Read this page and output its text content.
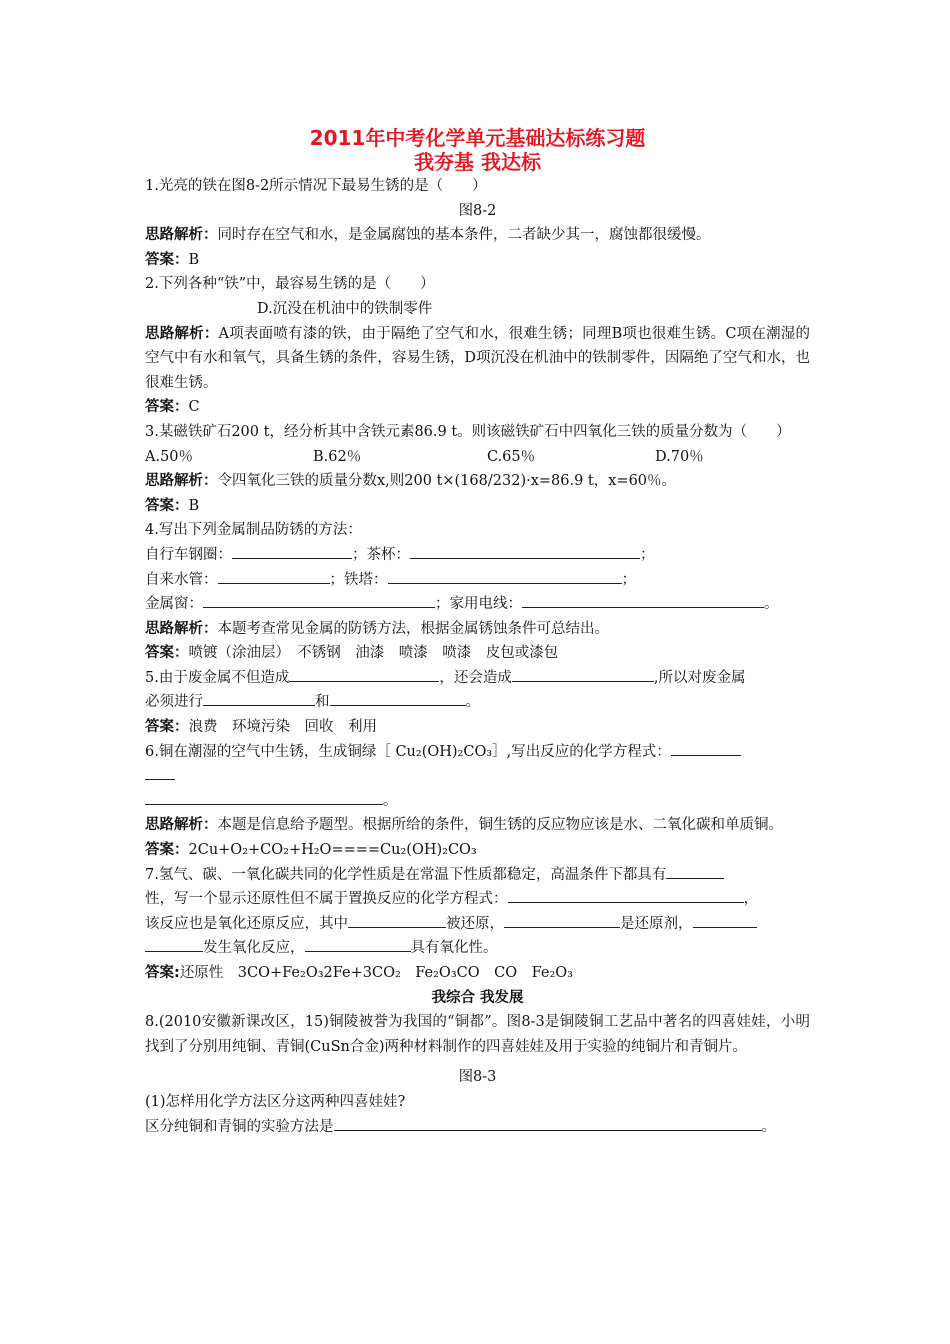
2011年中考化学单元基础达标练习题
我夯基 我达标
1.光亮的铁在图8-2所示情况下最易生锈的是（　　）
图8-2
思路解析：同时存在空气和水，是金属腐蚀的基本条件，二者缺少其一，腐蚀都很缓慢。
答案：B
2.下列各种“铁”中，最容易生锈的是（　　）
D.沉没在机油中的铁制零件
思路解析：A项表面喷有漆的铁，由于隔绝了空气和水，很难生锈；同理B项也很难生锈。C项在潮湿的空气中有水和氧气，具备生锈的条件，容易生锈，D项沉没在机油中的铁制零件，因隔绝了空气和水，也很难生锈。
答案：C
3.某磁铁矿石200 t，经分析其中含铁元素86.9 t。则该磁铁矿石中四氧化三铁的质量分数为（　　）
A.50％	B.62％	C.65％	D.70％
思路解析：令四氧化三铁的质量分数x,则200 t×(168/232)·x=86.9 t，x=60％。
答案：B
4.写出下列金属制品防锈的方法：
自行车钢圈：	；茶杯：	；
自来水管：	；铁塔：	；
金属窗：	；家用电线：	。
思路解析：本题考查常见金属的防锈方法，根据金属锈蚀条件可总结出。
答案：喷镀（涂油层）　不锈钢　油漆　喷漆　喷漆　皮包或漆包
5.由于废金属不但造成	，还会造成	,所以对废金属
必须进行	和	。
答案：浪费　环境污染　回收　利用
6.铜在潮湿的空气中生锈，生成铜绿［ Cu₂(OH)₂CO₃］,写出反应的化学方程式：
。
思路解析：本题是信息给予题型。根据所给的条件，铜生锈的反应物应该是水、二氧化碳和单质铜。
答案：2Cu+O₂+CO₂+H₂O====Cu₂(OH)₂CO₃
7.氢气、碳、一氧化碳共同的化学性质是在常温下性质都稳定，高温条件下都具有
性，写一个显示还原性但不属于置换反应的化学方程式：	，
该反应也是氧化还原反应，其中	被还原，	是还原剂，
发生氧化反应，	具有氧化性。
答案:还原性　3CO+Fe₂O₃2Fe+3CO₂　Fe₂O₃CO　CO　Fe₂O₃
我综合 我发展
8.(2010安徽新课改区，15)铜陵被誉为我国的“铜都”。图8-3是铜陵铜工艺品中著名的四喜娃娃，小明找到了分别用纯铜、青铜(CuSn合金)两种材料制作的四喜娃娃及用于实验的纯铜片和青铜片。
图8-3
(1)怎样用化学方法区分这两种四喜娃娃?
区分纯铜和青铜的实验方法是	。
